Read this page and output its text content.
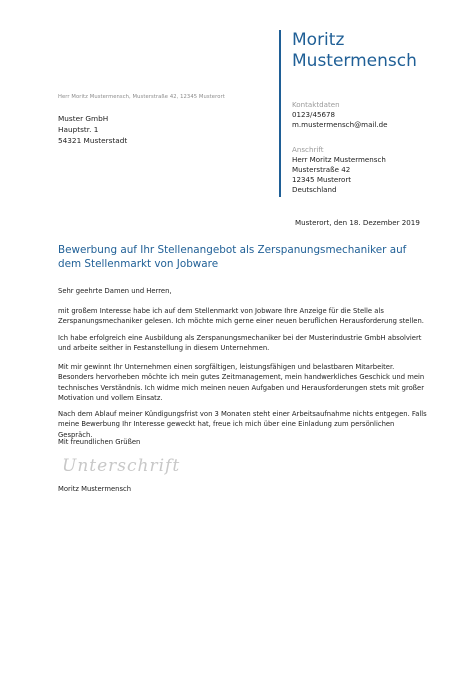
Moritz
Mustermensch
Herr Moritz Mustermensch, Musterstraße 42, 12345 Musterort
Muster GmbH
Hauptstr. 1
54321 Musterstadt
Kontaktdaten
0123/45678
m.mustermensch@mail.de
Anschrift
Herr Moritz Mustermensch
Musterstraße 42
12345 Musterort
Deutschland
Musterort, den 18. Dezember 2019
Bewerbung auf Ihr Stellenangebot als Zerspanungsmechaniker auf dem Stellenmarkt von Jobware
Sehr geehrte Damen und Herren,
mit großem Interesse habe ich auf dem Stellenmarkt von Jobware Ihre Anzeige für die Stelle als Zerspanungsmechaniker gelesen. Ich möchte mich gerne einer neuen beruflichen Herausforderung stellen.
Ich habe erfolgreich eine Ausbildung als Zerspanungsmechaniker bei der Musterindustrie GmbH absolviert und arbeite seither in Festanstellung in diesem Unternehmen.
Mit mir gewinnt Ihr Unternehmen einen sorgfältigen, leistungsfähigen und belastbaren Mitarbeiter. Besonders hervorheben möchte ich mein gutes Zeitmanagement, mein handwerkliches Geschick und mein technisches Verständnis. Ich widme mich meinen neuen Aufgaben und Herausforderungen stets mit großer Motivation und vollem Einsatz.
Nach dem Ablauf meiner Kündigungsfrist von 3 Monaten steht einer Arbeitsaufnahme nichts entgegen. Falls meine Bewerbung Ihr Interesse geweckt hat, freue ich mich über eine Einladung zum persönlichen Gespräch.
Mit freundlichen Grüßen
Unterschrift
Moritz Mustermensch
